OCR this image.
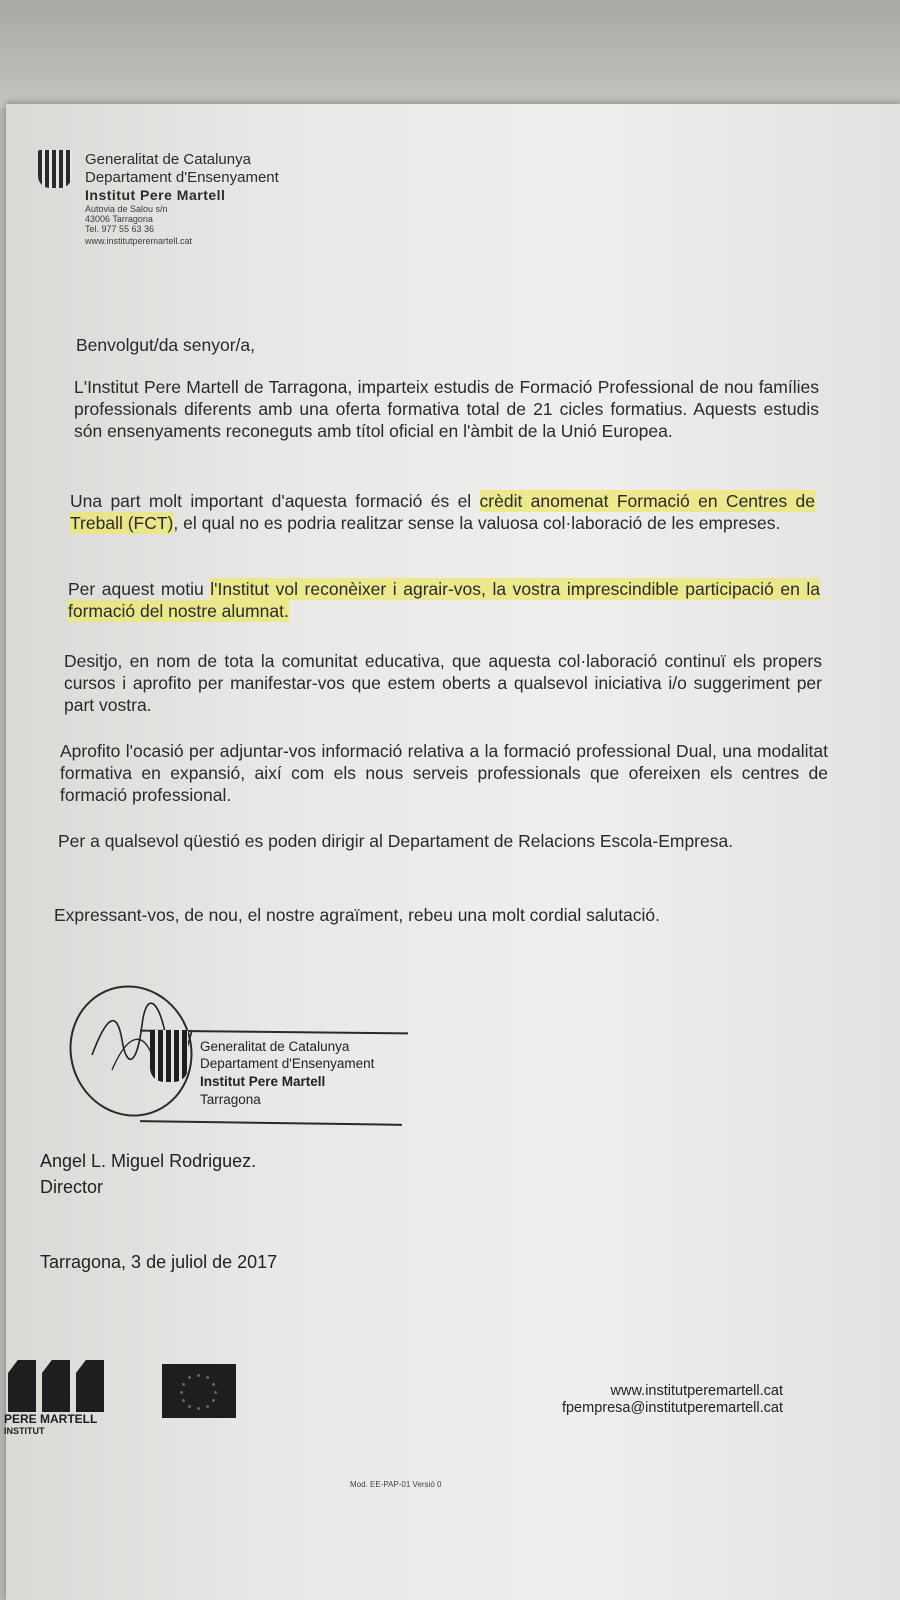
Generalitat de Catalunya
Departament d'Ensenyament
Institut Pere Martell
Autovia de Salou s/n
43006 Tarragona
Tel. 977 55 63 36
www.institutperemartell.cat
Benvolgut/da senyor/a,
L'Institut Pere Martell de Tarragona, imparteix estudis de Formació Professional de nou famílies professionals diferents amb una oferta formativa total de 21 cicles formatius. Aquests estudis són ensenyaments reconeguts amb títol oficial en l'àmbit de la Unió Europea.
Una part molt important d'aquesta formació és el crèdit anomenat Formació en Centres de Treball (FCT), el qual no es podria realitzar sense la valuosa col·laboració de les empreses.
Per aquest motiu l'Institut vol reconèixer i agrair-vos, la vostra imprescindible participació en la formació del nostre alumnat.
Desitjo, en nom de tota la comunitat educativa, que aquesta col·laboració continuï els propers cursos i aprofito per manifestar-vos que estem oberts a qualsevol iniciativa i/o suggeriment per part vostra.
Aprofito l'ocasió per adjuntar-vos informació relativa a la formació professional Dual, una modalitat formativa en expansió, així com els nous serveis professionals que ofereixen els centres de formació professional.
Per a qualsevol qüestió es poden dirigir al Departament de Relacions Escola-Empresa.
Expressant-vos, de nou, el nostre agraïment, rebeu una molt cordial salutació.
Generalitat de Catalunya
Departament d'Ensenyament
Institut Pere Martell
Tarragona
Angel L. Miguel Rodriguez.
Director
Tarragona, 3 de juliol de 2017
PERE MARTELL
INSTITUT
www.institutperemartell.cat
fpempresa@institutperemartell.cat
Mod. EE-PAP-01 Versió 0
